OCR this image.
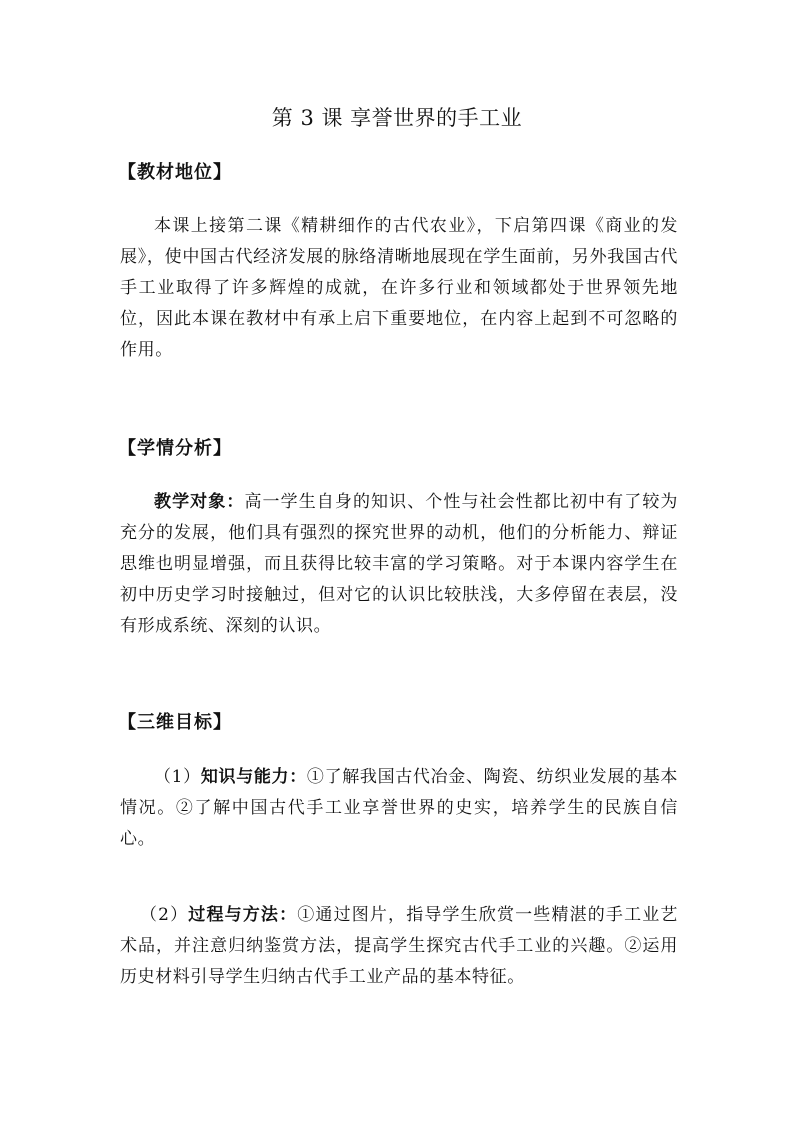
第 3 课 享誉世界的手工业
【教材地位】
本课上接第二课《精耕细作的古代农业》，下启第四课《商业的发展》，使中国古代经济发展的脉络清晰地展现在学生面前，另外我国古代手工业取得了许多辉煌的成就，在许多行业和领域都处于世界领先地位，因此本课在教材中有承上启下重要地位，在内容上起到不可忽略的作用。
【学情分析】
教学对象：高一学生自身的知识、个性与社会性都比初中有了较为充分的发展，他们具有强烈的探究世界的动机，他们的分析能力、辩证思维也明显增强，而且获得比较丰富的学习策略。对于本课内容学生在初中历史学习时接触过，但对它的认识比较肤浅，大多停留在表层，没有形成系统、深刻的认识。
【三维目标】
（1）知识与能力：①了解我国古代冶金、陶瓷、纺织业发展的基本情况。②了解中国古代手工业享誉世界的史实，培养学生的民族自信心。
（2）过程与方法：①通过图片，指导学生欣赏一些精湛的手工业艺术品，并注意归纳鉴赏方法，提高学生探究古代手工业的兴趣。②运用历史材料引导学生归纳古代手工业产品的基本特征。
